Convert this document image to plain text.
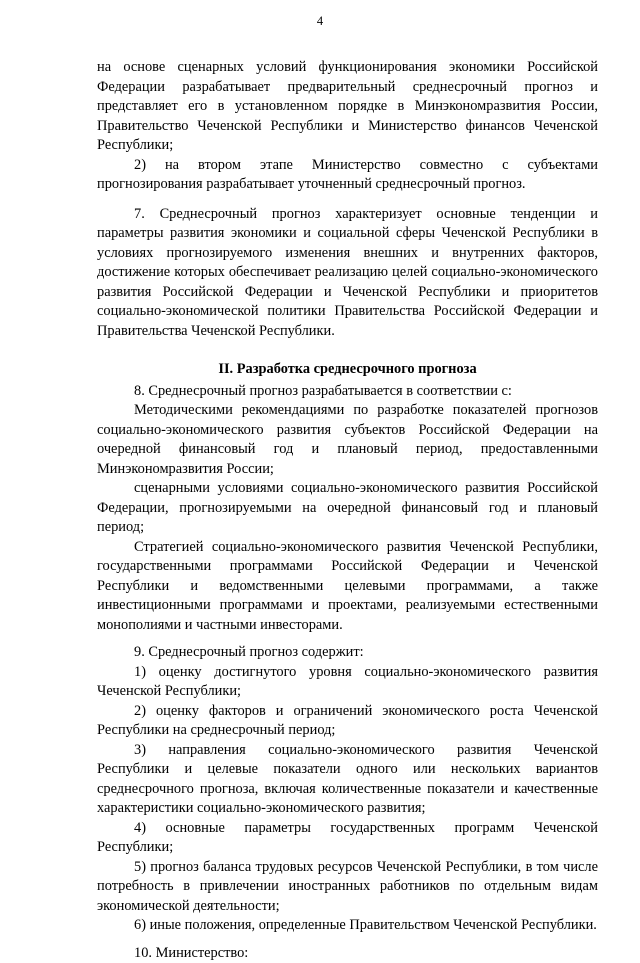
4

на основе сценарных условий функционирования экономики Российской Федерации разрабатывает предварительный среднесрочный прогноз и представляет его в установленном порядке в Минэкономразвития России, Правительство Чеченской Республики и Министерство финансов Чеченской Республики;

2) на втором этапе Министерство совместно с субъектами прогнозирования разрабатывает уточненный среднесрочный прогноз.

7. Среднесрочный прогноз характеризует основные тенденции и параметры развития экономики и социальной сферы Чеченской Республики в условиях прогнозируемого изменения внешних и внутренних факторов, достижение которых обеспечивает реализацию целей социально-экономического развития Российской Федерации и Чеченской Республики и приоритетов социально-экономической политики Правительства Российской Федерации и Правительства Чеченской Республики.

II. Разработка среднесрочного прогноза

8. Среднесрочный прогноз разрабатывается в соответствии с:

Методическими рекомендациями по разработке показателей прогнозов социально-экономического развития субъектов Российской Федерации на очередной финансовый год и плановый период, предоставленными Минэкономразвития России;

сценарными условиями социально-экономического развития Российской Федерации, прогнозируемыми на очередной финансовый год и плановый период;

Стратегией социально-экономического развития Чеченской Республики, государственными программами Российской Федерации и Чеченской Республики и ведомственными целевыми программами, а также инвестиционными программами и проектами, реализуемыми естественными монополиями и частными инвесторами.

9. Среднесрочный прогноз содержит:

1) оценку достигнутого уровня социально-экономического развития Чеченской Республики;

2) оценку факторов и ограничений экономического роста Чеченской Республики на среднесрочный период;

3) направления социально-экономического развития Чеченской Республики и целевые показатели одного или нескольких вариантов среднесрочного прогноза, включая количественные показатели и качественные характеристики социально-экономического развития;

4) основные параметры государственных программ Чеченской Республики;

5) прогноз баланса трудовых ресурсов Чеченской Республики, в том числе потребность в привлечении иностранных работников по отдельным видам экономической деятельности;

6) иные положения, определенные Правительством Чеченской Республики.

10. Министерство:
